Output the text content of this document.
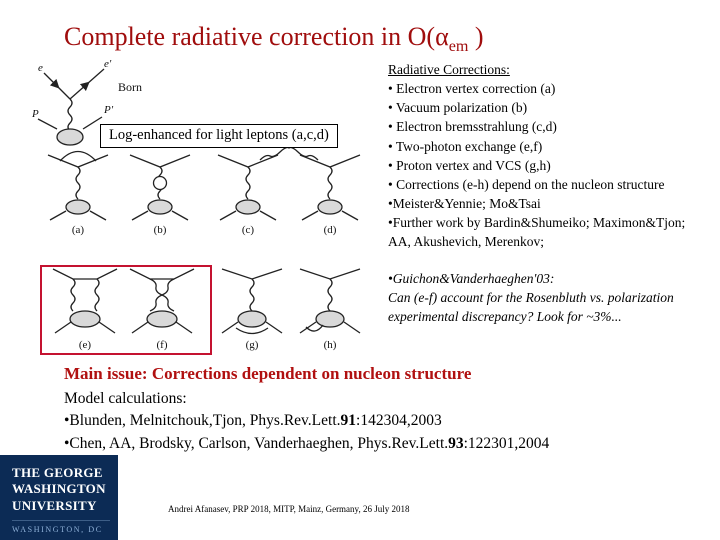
Complete radiative correction in $O(\alpha_{em}$ )
e	e'
Born
P	P'
(a)	(b)	(c)	(d)
(e)	(f)	(g)	(h)
Log-enhanced for light leptons (a,c,d)
Radiative Corrections:
• Electron vertex correction (a)
• Vacuum polarization (b)
• Electron bremsstrahlung (c,d)
• Two-photon exchange (e,f)
• Proton vertex and VCS (g,h)
• Corrections (e-h) depend on the nucleon structure
•Meister&Yennie; Mo&Tsai
•Further work by Bardin&Shumeiko; Maximon&Tjon; AA, Akushevich, Merenkov;
•Guichon&Vanderhaeghen'03:
Can (e-f) account for the Rosenbluth vs. polarization experimental discrepancy? Look for ~3%...
Main issue: Corrections dependent on nucleon structure
Model calculations:
•Blunden, Melnitchouk,Tjon, Phys.Rev.Lett.91:142304,2003
•Chen, AA, Brodsky, Carlson, Vanderhaeghen, Phys.Rev.Lett.93:122301,2004
THE GEORGE
WASHINGTON
UNIVERSITY
WASHINGTON, DC
Andrei Afanasev, PRP 2018, MITP, Mainz, Germany, 26 July 2018
